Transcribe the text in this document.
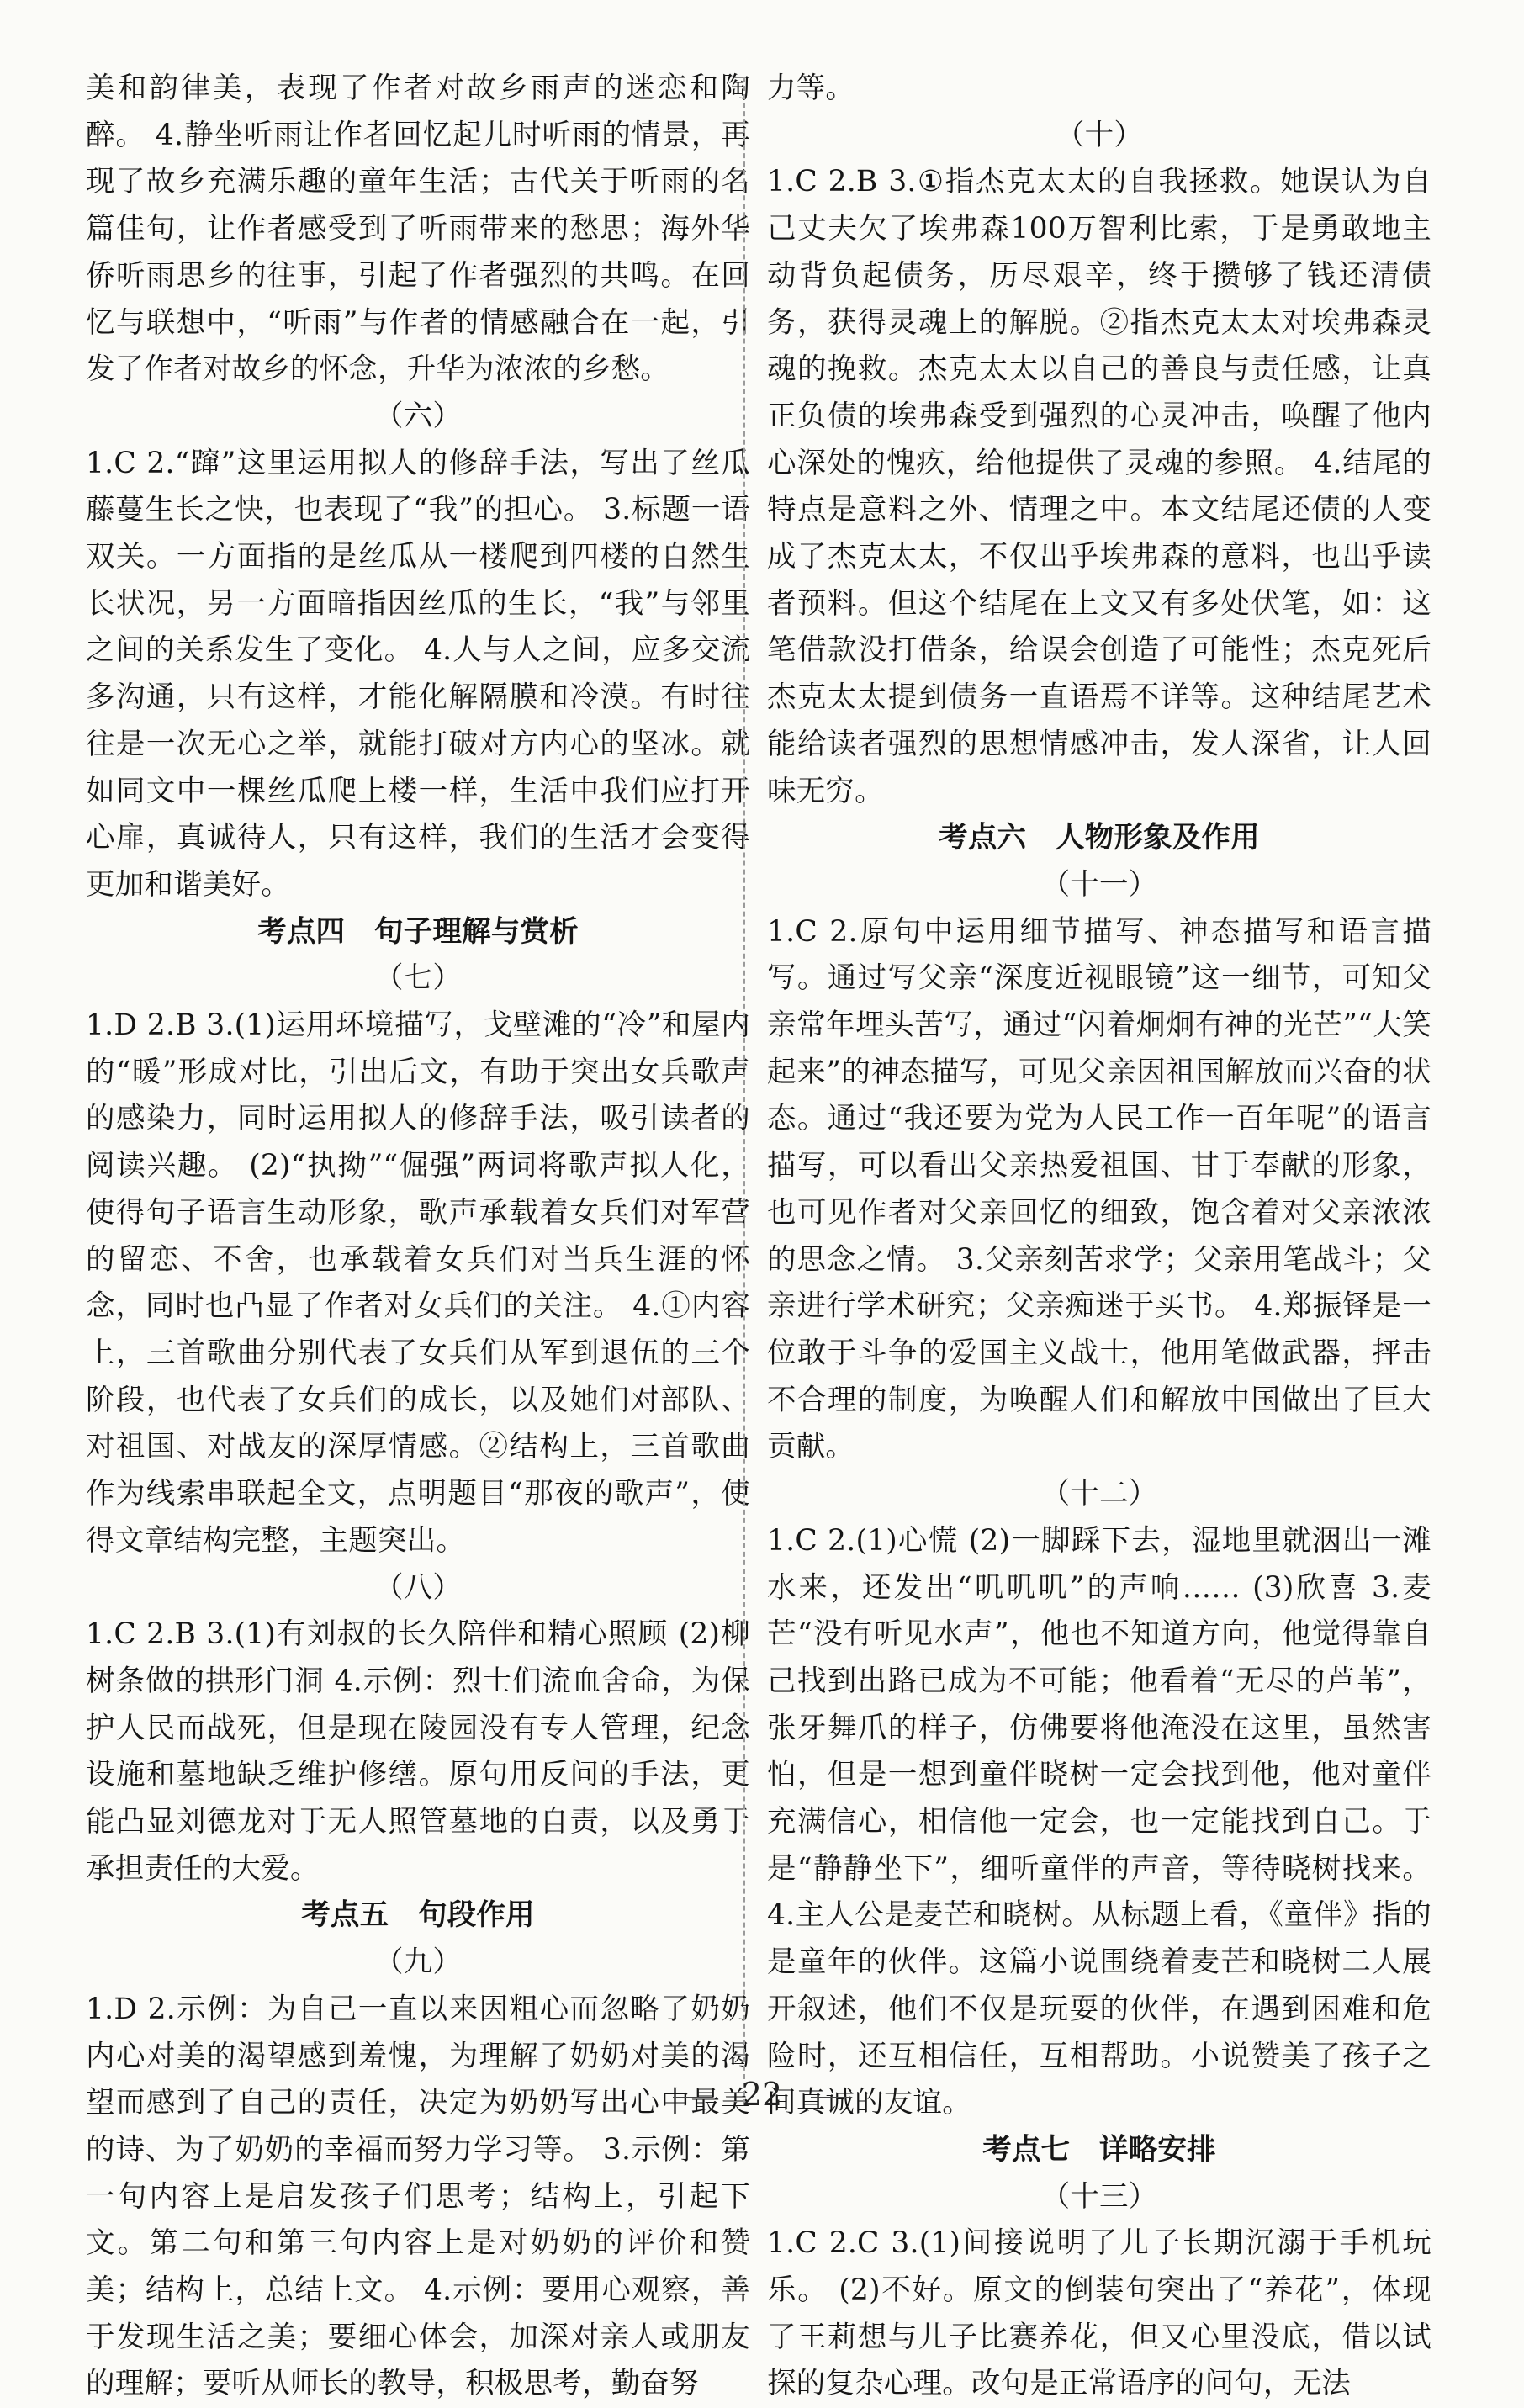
美和韵律美，表现了作者对故乡雨声的迷恋和陶醉。 4.静坐听雨让作者回忆起儿时听雨的情景，再现了故乡充满乐趣的童年生活；古代关于听雨的名篇佳句，让作者感受到了听雨带来的愁思；海外华侨听雨思乡的往事，引起了作者强烈的共鸣。在回忆与联想中，“听雨”与作者的情感融合在一起，引发了作者对故乡的怀念，升华为浓浓的乡愁。

（六）

1.C 2.“蹿”这里运用拟人的修辞手法，写出了丝瓜藤蔓生长之快，也表现了“我”的担心。 3.标题一语双关。一方面指的是丝瓜从一楼爬到四楼的自然生长状况，另一方面暗指因丝瓜的生长，“我”与邻里之间的关系发生了变化。 4.人与人之间，应多交流多沟通，只有这样，才能化解隔膜和冷漠。有时往往是一次无心之举，就能打破对方内心的坚冰。就如同文中一棵丝瓜爬上楼一样，生活中我们应打开心扉，真诚待人，只有这样，我们的生活才会变得更加和谐美好。

考点四　句子理解与赏析

（七）

1.D 2.B 3.(1)运用环境描写，戈壁滩的“冷”和屋内的“暖”形成对比，引出后文，有助于突出女兵歌声的感染力，同时运用拟人的修辞手法，吸引读者的阅读兴趣。 (2)“执拗”“倔强”两词将歌声拟人化，使得句子语言生动形象，歌声承载着女兵们对军营的留恋、不舍，也承载着女兵们对当兵生涯的怀念，同时也凸显了作者对女兵们的关注。 4.①内容上，三首歌曲分别代表了女兵们从军到退伍的三个阶段，也代表了女兵们的成长，以及她们对部队、对祖国、对战友的深厚情感。②结构上，三首歌曲作为线索串联起全文，点明题目“那夜的歌声”，使得文章结构完整，主题突出。

（八）

1.C 2.B 3.(1)有刘叔的长久陪伴和精心照顾 (2)柳树条做的拱形门洞 4.示例：烈士们流血舍命，为保护人民而战死，但是现在陵园没有专人管理，纪念设施和墓地缺乏维护修缮。原句用反问的手法，更能凸显刘德龙对于无人照管墓地的自责，以及勇于承担责任的大爱。

考点五　句段作用

（九）

1.D 2.示例：为自己一直以来因粗心而忽略了奶奶内心对美的渴望感到羞愧，为理解了奶奶对美的渴望而感到了自己的责任，决定为奶奶写出心中最美的诗、为了奶奶的幸福而努力学习等。 3.示例：第一句内容上是启发孩子们思考；结构上，引起下文。第二句和第三句内容上是对奶奶的评价和赞美；结构上，总结上文。 4.示例：要用心观察，善于发现生活之美；要细心体会，加深对亲人或朋友的理解；要听从师长的教导，积极思考，勤奋努

力等。

（十）

1.C 2.B 3.①指杰克太太的自我拯救。她误认为自己丈夫欠了埃弗森100万智利比索，于是勇敢地主动背负起债务，历尽艰辛，终于攒够了钱还清债务，获得灵魂上的解脱。②指杰克太太对埃弗森灵魂的挽救。杰克太太以自己的善良与责任感，让真正负债的埃弗森受到强烈的心灵冲击，唤醒了他内心深处的愧疚，给他提供了灵魂的参照。 4.结尾的特点是意料之外、情理之中。本文结尾还债的人变成了杰克太太，不仅出乎埃弗森的意料，也出乎读者预料。但这个结尾在上文又有多处伏笔，如：这笔借款没打借条，给误会创造了可能性；杰克死后杰克太太提到债务一直语焉不详等。这种结尾艺术能给读者强烈的思想情感冲击，发人深省，让人回味无穷。

考点六　人物形象及作用

（十一）

1.C 2.原句中运用细节描写、神态描写和语言描写。通过写父亲“深度近视眼镜”这一细节，可知父亲常年埋头苦写，通过“闪着炯炯有神的光芒”“大笑起来”的神态描写，可见父亲因祖国解放而兴奋的状态。通过“我还要为党为人民工作一百年呢”的语言描写，可以看出父亲热爱祖国、甘于奉献的形象，也可见作者对父亲回忆的细致，饱含着对父亲浓浓的思念之情。 3.父亲刻苦求学；父亲用笔战斗；父亲进行学术研究；父亲痴迷于买书。 4.郑振铎是一位敢于斗争的爱国主义战士，他用笔做武器，抨击不合理的制度，为唤醒人们和解放中国做出了巨大贡献。

（十二）

1.C 2.(1)心慌 (2)一脚踩下去，湿地里就洇出一滩水来，还发出“叽叽叽”的声响…… (3)欣喜 3.麦芒“没有听见水声”，他也不知道方向，他觉得靠自己找到出路已成为不可能；他看着“无尽的芦苇”，张牙舞爪的样子，仿佛要将他淹没在这里，虽然害怕，但是一想到童伴晓树一定会找到他，他对童伴充满信心，相信他一定会，也一定能找到自己。于是“静静坐下”，细听童伴的声音，等待晓树找来。 4.主人公是麦芒和晓树。从标题上看，《童伴》指的是童年的伙伴。这篇小说围绕着麦芒和晓树二人展开叙述，他们不仅是玩耍的伙伴，在遇到困难和危险时，还互相信任，互相帮助。小说赞美了孩子之间真诚的友谊。

考点七　详略安排

（十三）

1.C 2.C 3.(1)间接说明了儿子长期沉溺于手机玩乐。 (2)不好。原文的倒装句突出了“养花”，体现了王莉想与儿子比赛养花，但又心里没底，借以试探的复杂心理。改句是正常语序的问句，无法

22
